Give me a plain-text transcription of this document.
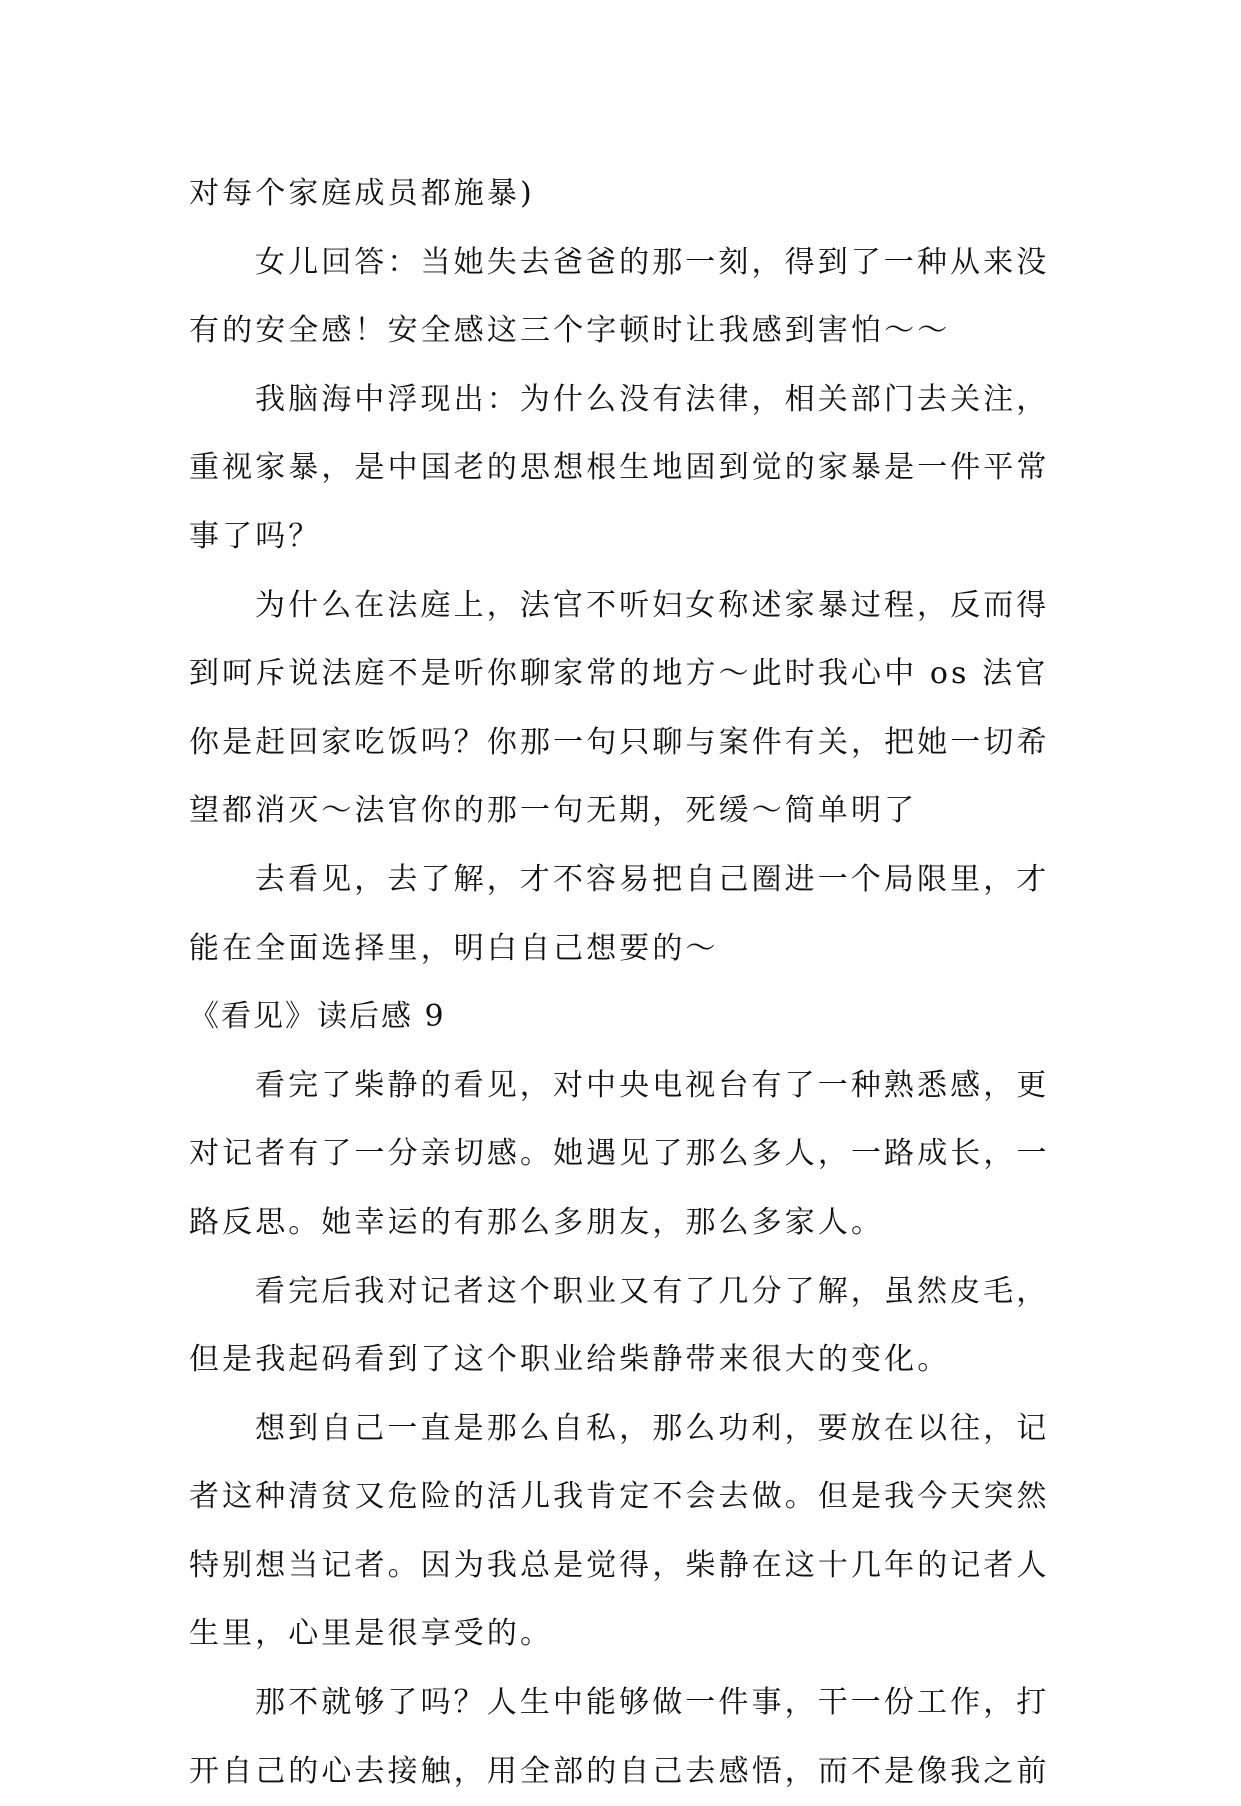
对每个家庭成员都施暴)
女儿回答：当她失去爸爸的那一刻，得到了一种从来没
有的安全感！安全感这三个字顿时让我感到害怕～～
我脑海中浮现出：为什么没有法律，相关部门去关注，
重视家暴，是中国老的思想根生地固到觉的家暴是一件平常
事了吗？
为什么在法庭上，法官不听妇女称述家暴过程，反而得
到呵斥说法庭不是听你聊家常的地方～此时我心中 os 法官
你是赶回家吃饭吗？你那一句只聊与案件有关，把她一切希
望都消灭～法官你的那一句无期，死缓～简单明了
去看见，去了解，才不容易把自己圈进一个局限里，才
能在全面选择里，明白自己想要的～
《看见》读后感 9
看完了柴静的看见，对中央电视台有了一种熟悉感，更
对记者有了一分亲切感。她遇见了那么多人，一路成长，一
路反思。她幸运的有那么多朋友，那么多家人。
看完后我对记者这个职业又有了几分了解，虽然皮毛，
但是我起码看到了这个职业给柴静带来很大的变化。
想到自己一直是那么自私，那么功利，要放在以往，记
者这种清贫又危险的活儿我肯定不会去做。但是我今天突然
特别想当记者。因为我总是觉得，柴静在这十几年的记者人
生里，心里是很享受的。
那不就够了吗？人生中能够做一件事，干一份工作，打
开自己的心去接触，用全部的自己去感悟，而不是像我之前
